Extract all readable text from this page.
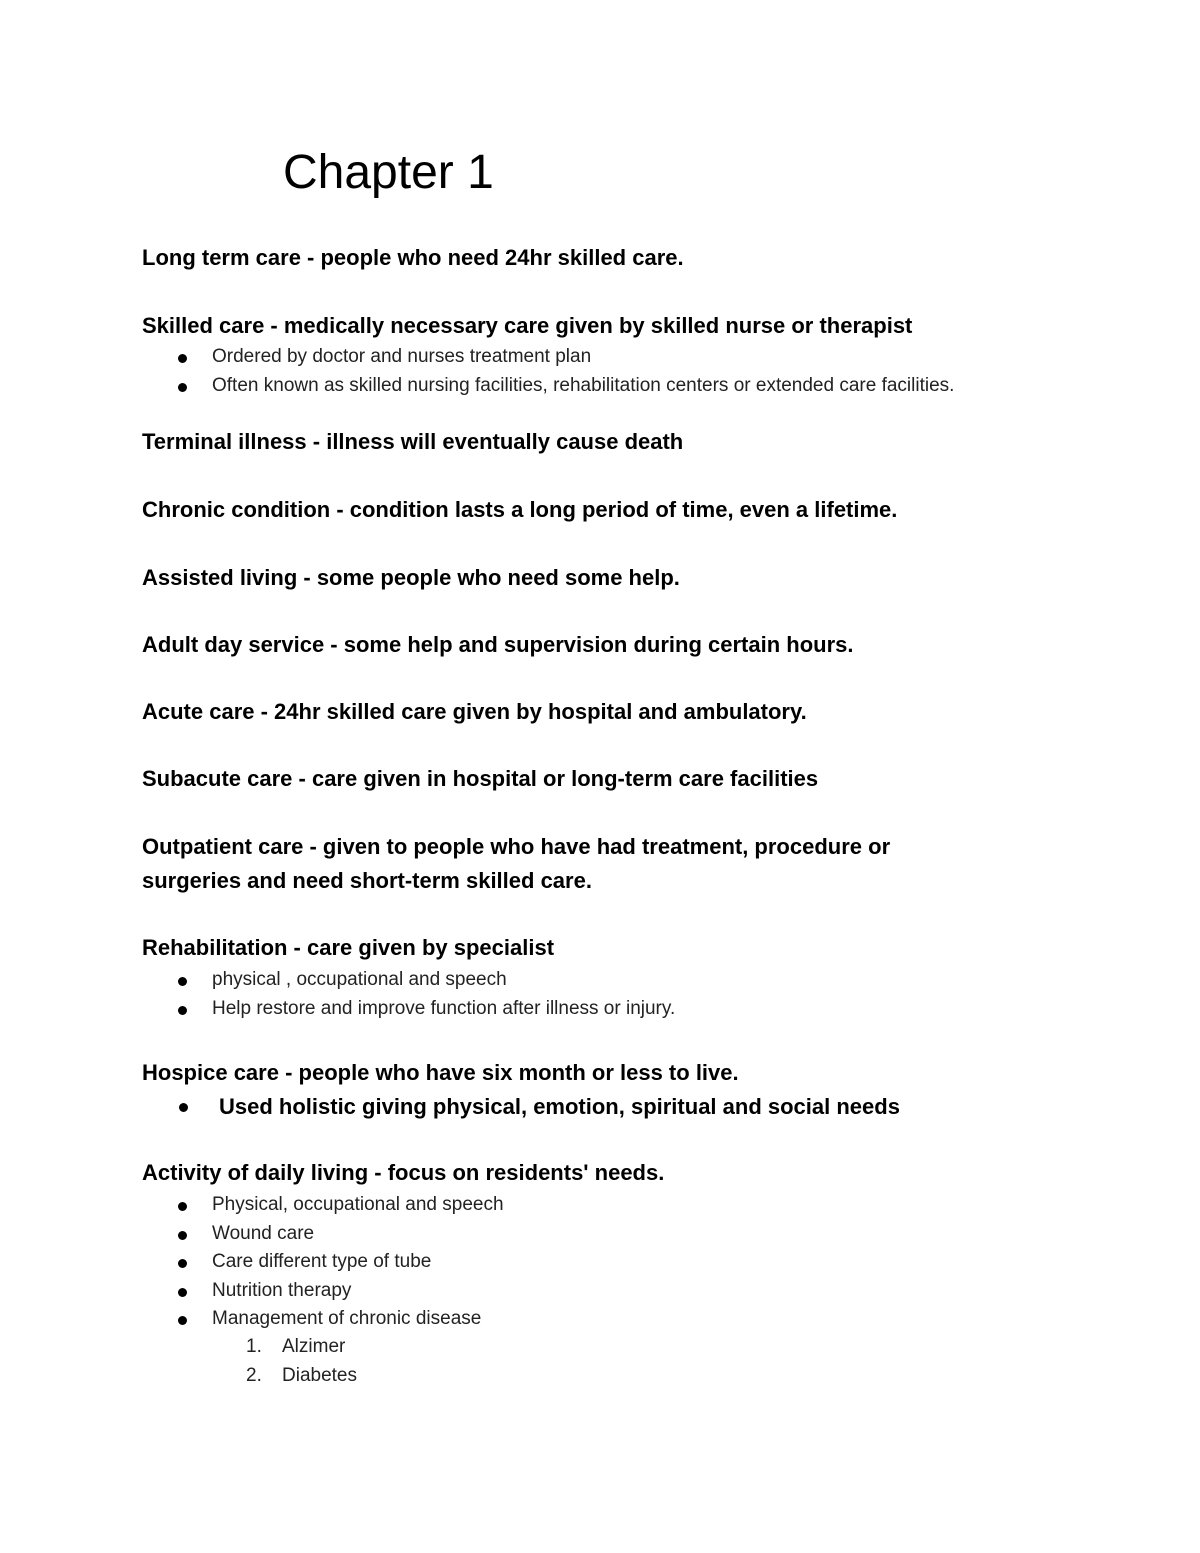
Chapter 1

Long term care - people who need 24hr skilled care.

Skilled care - medically necessary care given by skilled nurse or therapist

Ordered by doctor and nurses treatment plan
Often known as skilled nursing facilities, rehabilitation centers or extended care facilities.

Terminal illness - illness will eventually cause death

Chronic condition - condition lasts a long period of time, even a lifetime.

Assisted living - some people who need some help.

Adult day service - some help and supervision during certain hours.

Acute care - 24hr skilled care given by hospital and ambulatory.

Subacute care - care given in hospital or long-term care facilities

Outpatient care - given to people who have had treatment, procedure or

surgeries and need short-term skilled care.

Rehabilitation - care given by specialist

physical , occupational and speech
Help restore and improve function after illness or injury.

Hospice care - people who have six month or less to live.

Used holistic giving physical, emotion, spiritual and social needs

Activity of daily living - focus on residents' needs.

Physical, occupational and speech
Wound care
Care different type of tube
Nutrition therapy
Management of chronic disease
1. Alzimer
2. Diabetes
